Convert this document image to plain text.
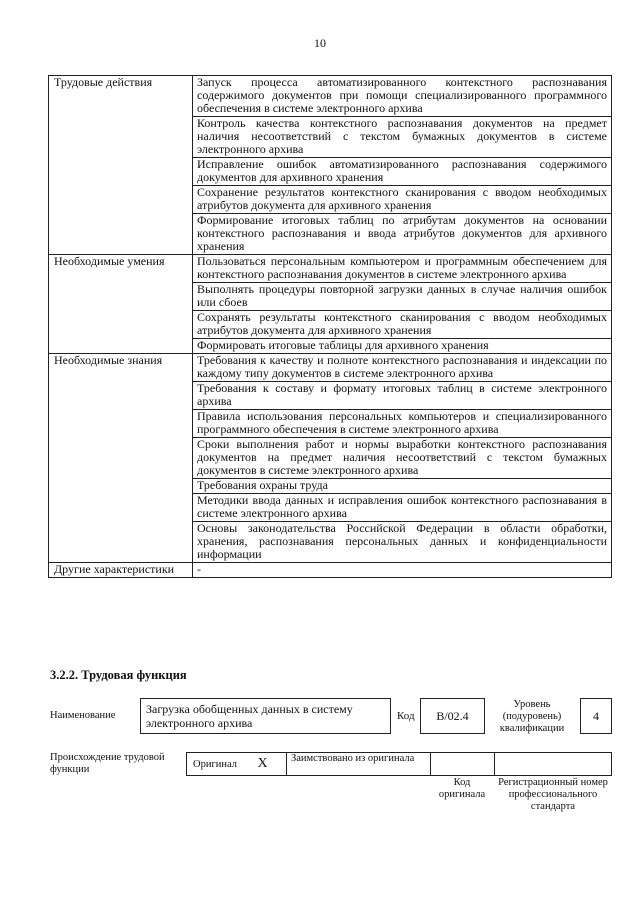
10
Трудовые действия	Запуск процесса автоматизированного контекстного распознавания содержимого документов при помощи специализированного программного обеспечения в системе электронного архива
	Контроль качества контекстного распознавания документов на предмет наличия несоответствий с текстом бумажных документов в системе электронного архива
	Исправление ошибок автоматизированного распознавания содержимого документов для архивного хранения
	Сохранение результатов контекстного сканирования с вводом необходимых атрибутов документа для архивного хранения
	Формирование итоговых таблиц по атрибутам документов на основании контекстного распознавания и ввода атрибутов документов для архивного хранения
Необходимые умения	Пользоваться персональным компьютером и программным обеспечением для контекстного распознавания документов в системе электронного архива
	Выполнять процедуры повторной загрузки данных в случае наличия ошибок или сбоев
	Сохранять результаты контекстного сканирования с вводом необходимых атрибутов документа для архивного хранения
	Формировать итоговые таблицы для архивного хранения
Необходимые знания	Требования к качеству и полноте контекстного распознавания и индексации по каждому типу документов в системе электронного архива
	Требования к составу и формату итоговых таблиц в системе электронного архива
	Правила использования персональных компьютеров и специализированного программного обеспечения в системе электронного архива
	Сроки выполнения работ и нормы выработки контекстного распознавания документов на предмет наличия несоответствий с текстом бумажных документов в системе электронного архива
	Требования охраны труда
	Методики ввода данных и исправления ошибок контекстного распознавания в системе электронного архива
	Основы законодательства Российской Федерации в области обработки, хранения, распознавания персональных данных и конфиденциальности информации
Другие характеристики	-
3.2.2. Трудовая функция
Наименование	Загрузка обобщенных данных в систему электронного архива	Код	B/02.4
Уровень (подуровень) квалификации
4
Происхождение трудовой функции	Оригинал	X	Заимствовано из оригинала
Код оригинала
Регистрационный номер профессионального стандарта
